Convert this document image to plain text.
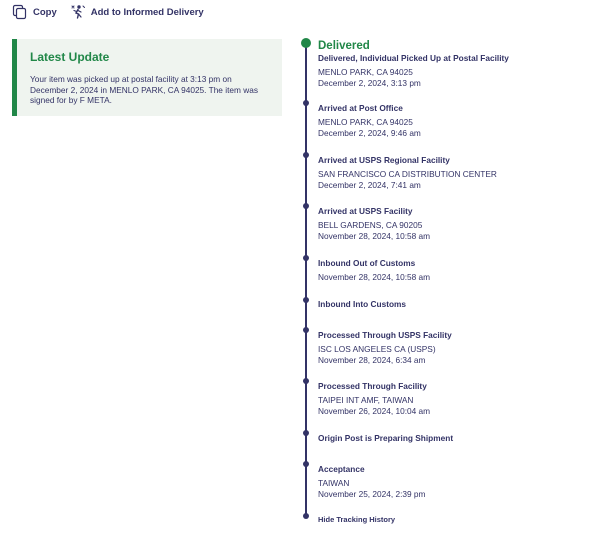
Copy	Add to Informed Delivery
Latest Update
Your item was picked up at postal facility at 3:13 pm on December 2, 2024 in MENLO PARK, CA 94025. The item was signed for by F META.
Delivered
Delivered, Individual Picked Up at Postal Facility
MENLO PARK, CA 94025
December 2, 2024, 3:13 pm
Arrived at Post Office
MENLO PARK, CA 94025
December 2, 2024, 9:46 am
Arrived at USPS Regional Facility
SAN FRANCISCO CA DISTRIBUTION CENTER
December 2, 2024, 7:41 am
Arrived at USPS Facility
BELL GARDENS, CA 90205
November 28, 2024, 10:58 am
Inbound Out of Customs
November 28, 2024, 10:58 am
Inbound Into Customs
Processed Through USPS Facility
ISC LOS ANGELES CA (USPS)
November 28, 2024, 6:34 am
Processed Through Facility
TAIPEI INT AMF, TAIWAN
November 26, 2024, 10:04 am
Origin Post is Preparing Shipment
Acceptance
TAIWAN
November 25, 2024, 2:39 pm
Hide Tracking History
